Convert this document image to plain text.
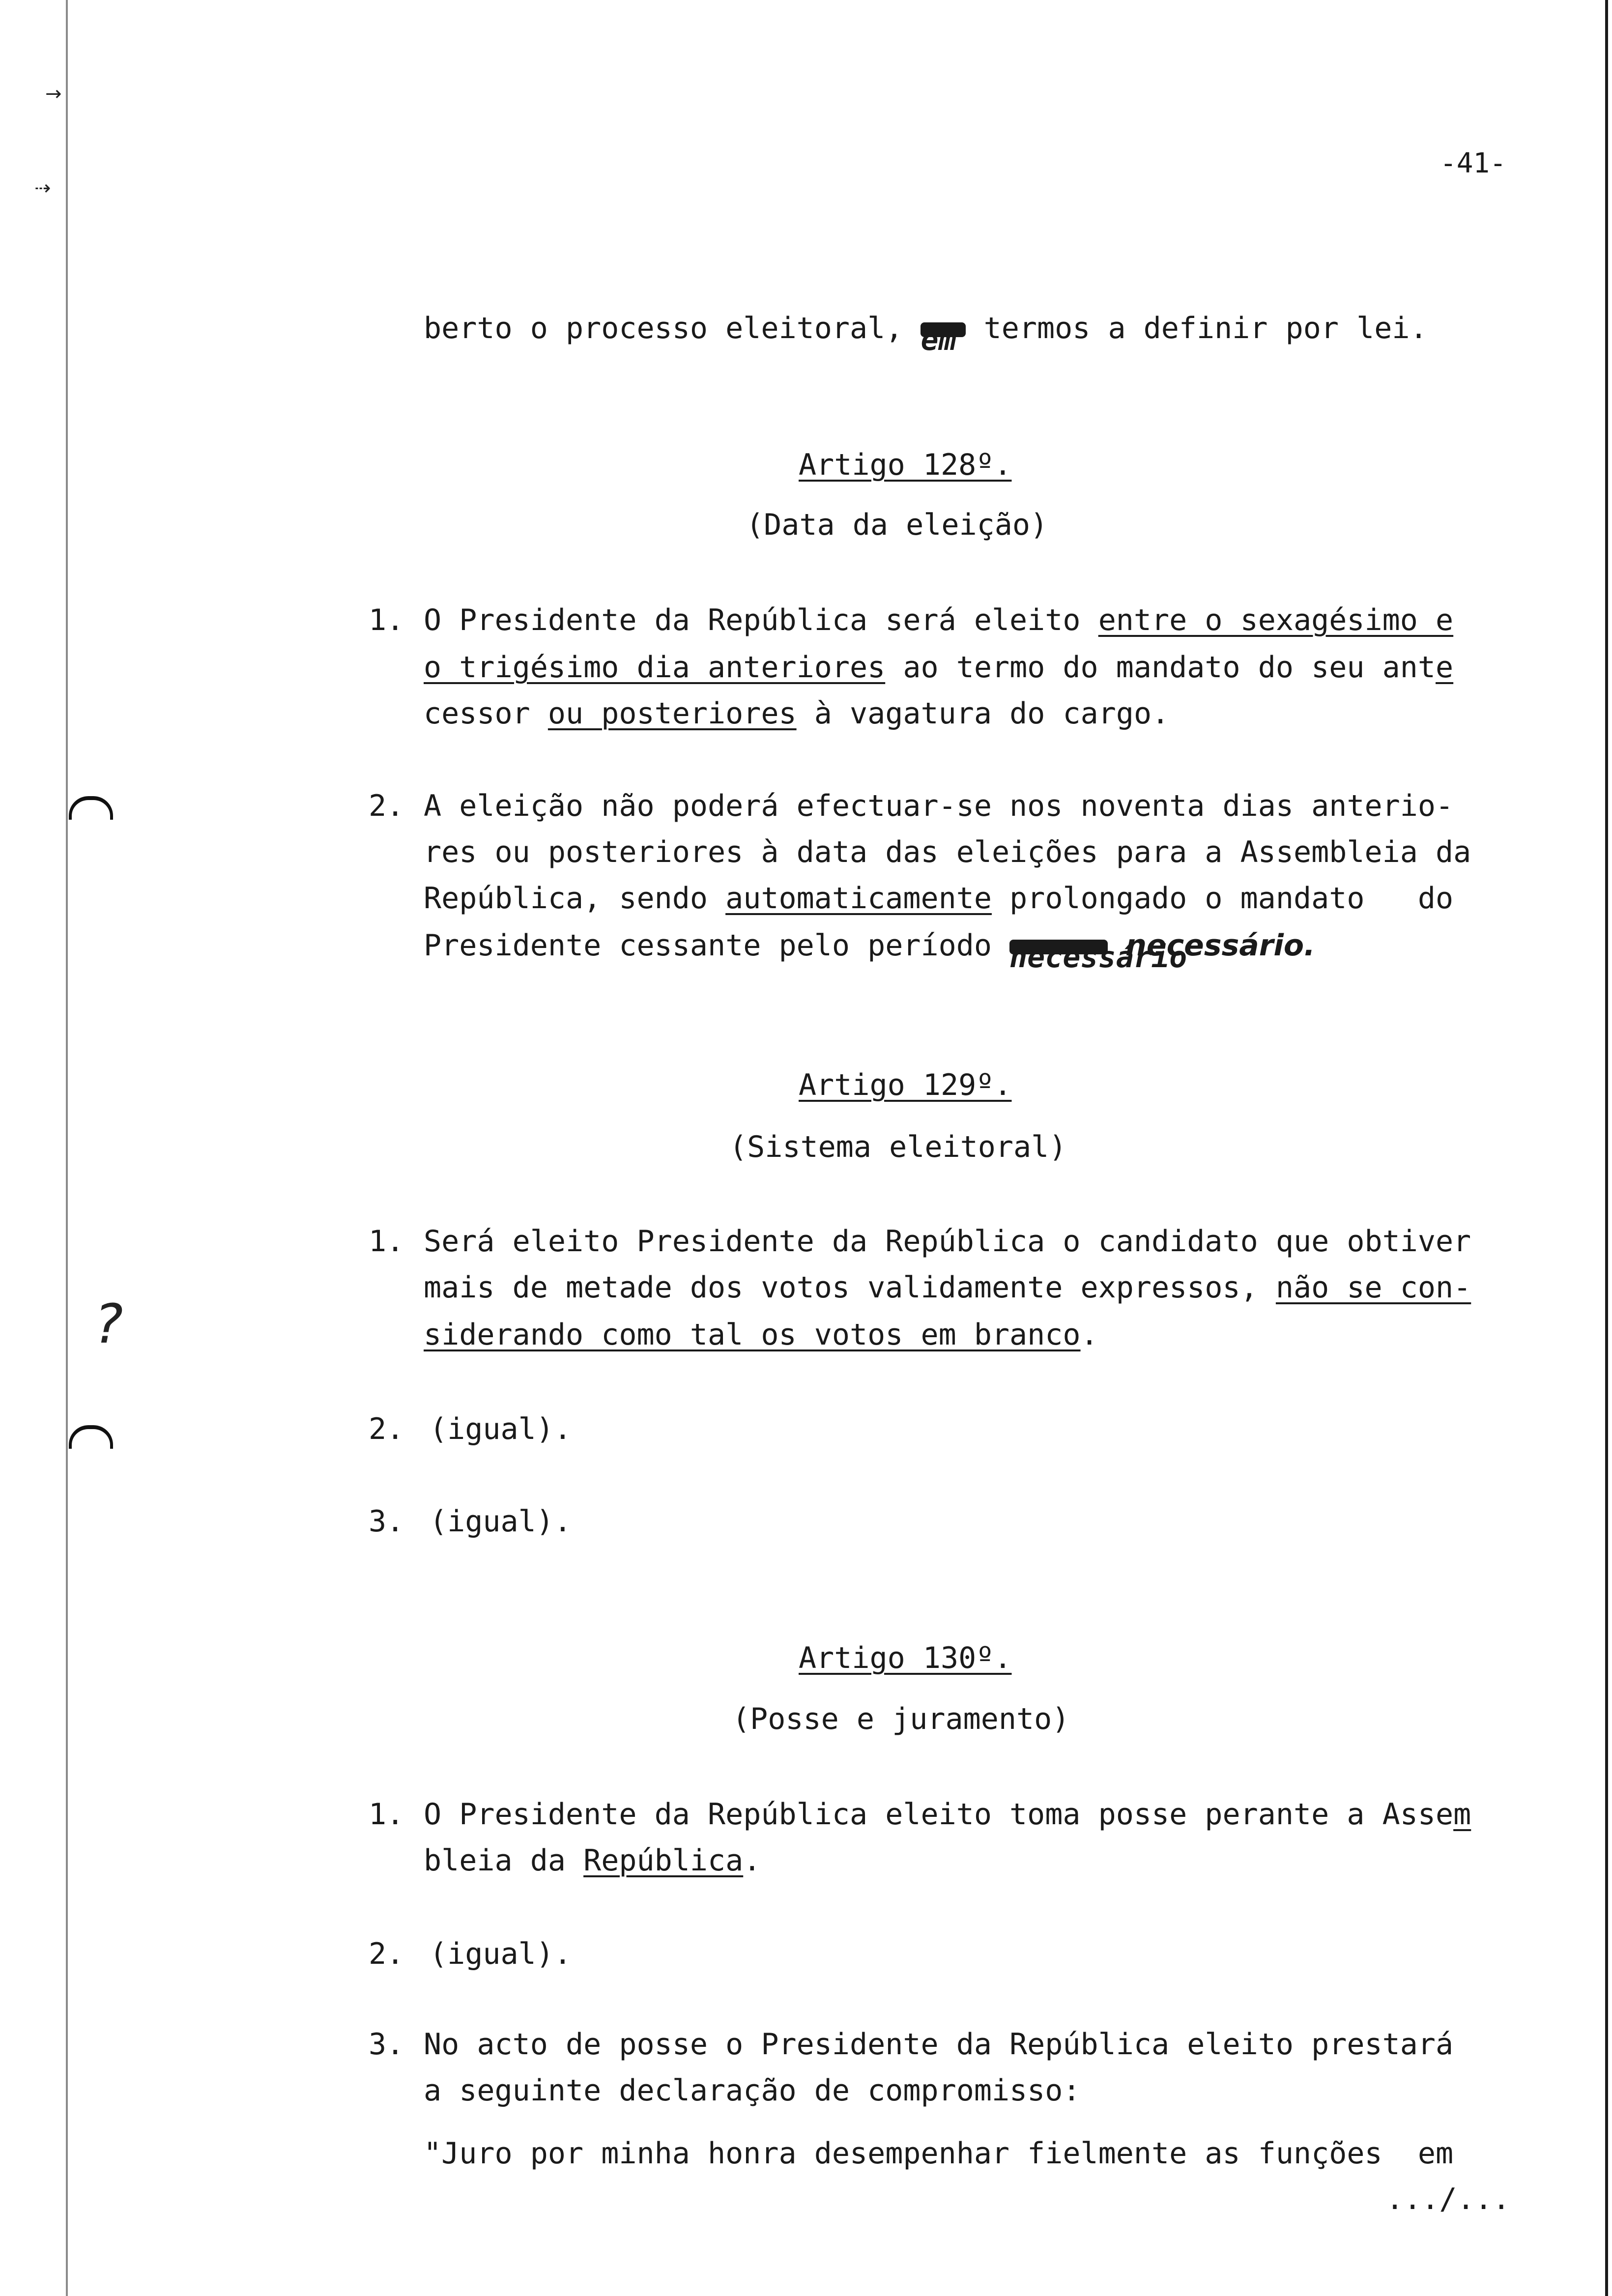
→
⇢
?
-41-
berto o processo eleitoral, em termos a definir por lei.
Artigo 128º.
(Data da eleição)
1. O Presidente da República será eleito entre o sexagésimo e
o trigésimo dia anteriores ao termo do mandato do seu ante
cessor ou posteriores à vagatura do cargo.
2. A eleição não poderá efectuar-se nos noventa dias anterio-
res ou posteriores à data das eleições para a Assembleia da
República, sendo automaticamente prolongado o mandato   do
Presidente cessante pelo período necessário necessário.
Artigo 129º.
(Sistema eleitoral)
1. Será eleito Presidente da República o candidato que obtiver
mais de metade dos votos validamente expressos, não se con-
siderando como tal os votos em branco.
2. (igual).
3. (igual).
Artigo 130º.
(Posse e juramento)
1. O Presidente da República eleito toma posse perante a Assem
bleia da República.
2. (igual).
3. No acto de posse o Presidente da República eleito prestará
a seguinte declaração de compromisso:
"Juro por minha honra desempenhar fielmente as funções  em
.../...
